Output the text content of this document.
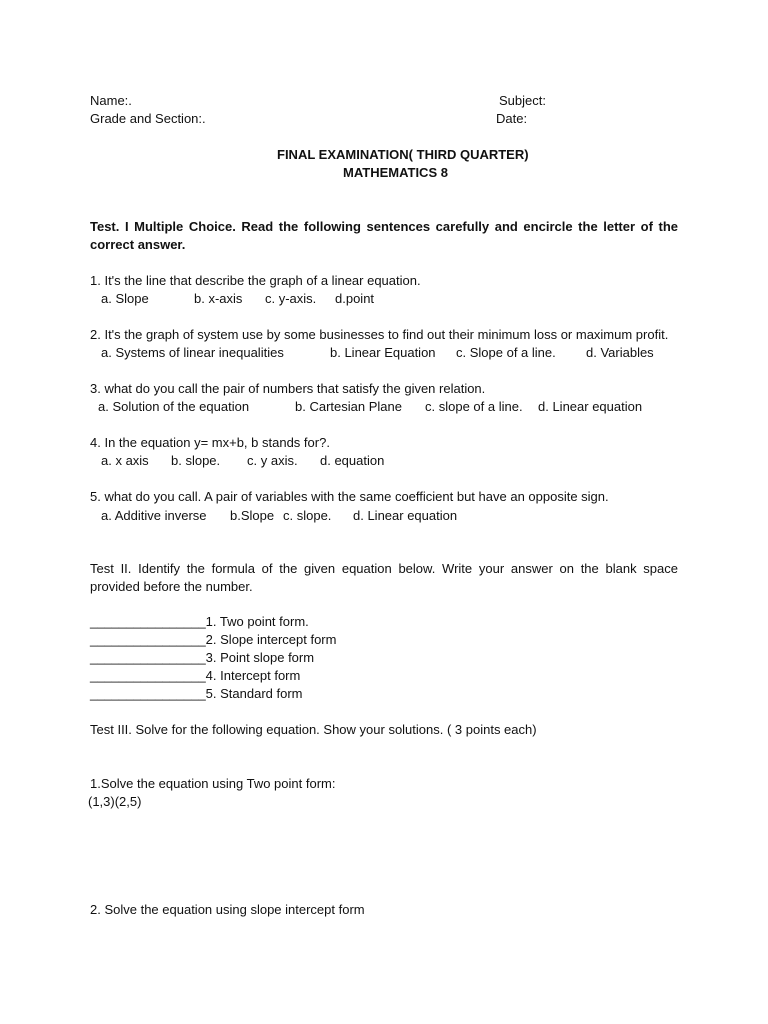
Name:.	Subject:
Grade and Section:.	Date:
FINAL EXAMINATION( THIRD QUARTER)
MATHEMATICS 8
Test. I Multiple Choice. Read the following sentences carefully and encircle the letter of the correct answer.
1. It's the line that describe the graph of a linear equation.
a. Slope	b. x-axis c. y-axis. d.point
2. It's the graph of system use by some businesses to find out their minimum loss or maximum profit.
a. Systems of linear inequalities	b. Linear Equation c. Slope of a line. d. Variables
3. what do you call the pair of numbers that satisfy the given relation.
a. Solution of the equation	b. Cartesian Plane c. slope of a line. d. Linear equation
4. In the equation y= mx+b, b stands for?.
a. x axis b. slope. c. y axis. d. equation
5. what do you call. A pair of variables with the same coefficient but have an opposite sign.
a. Additive inverse b.Slope c. slope. d. Linear equation
Test II. Identify the formula of the given equation below. Write your answer on the blank space provided before the number.
________________1. Two point form.
________________2. Slope intercept form
________________3. Point slope form
________________4. Intercept form
________________5. Standard form
Test III. Solve for the following equation. Show your solutions. ( 3 points each)
1.Solve the equation using Two point form:
(1,3)(2,5)
2. Solve the equation using slope intercept form
